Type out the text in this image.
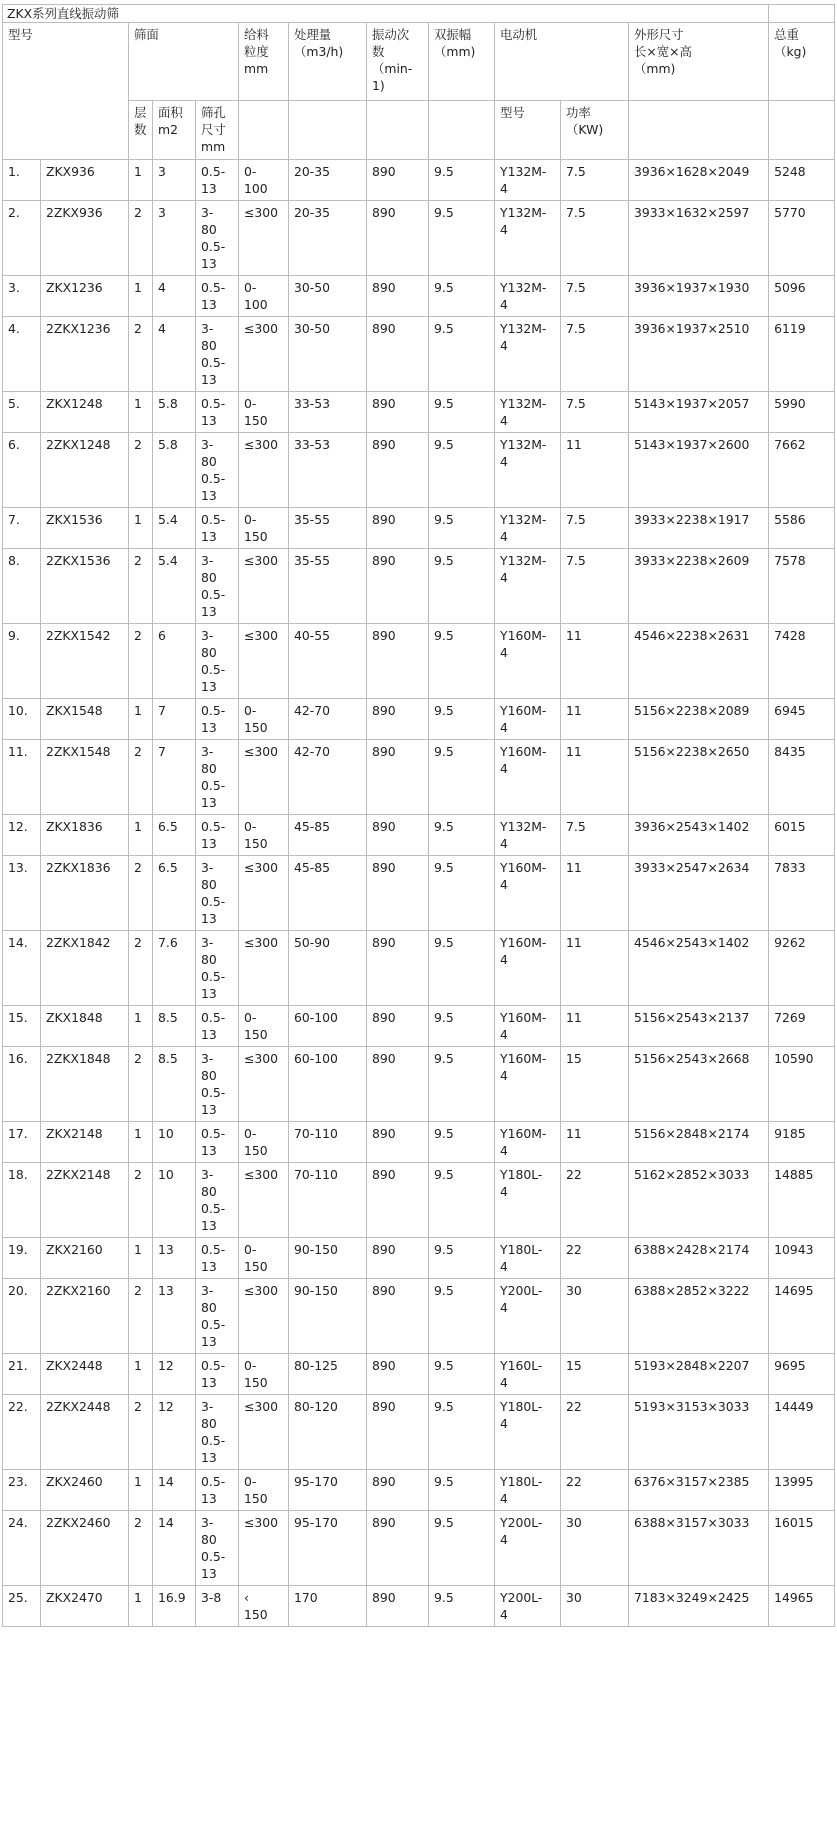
ZKX系列直线振动筛												
型号		筛面			给料
粒度
mm	处理量
（m3/h)	振动次
数
（min-
1)	双振幅
（mm)	电动机		外形尺寸
长×宽×高
（mm)	总重
（kg)
		层
数	面积
m2	筛孔
尺寸
mm					型号	功率
（KW)		
1.	ZKX936	1	3	0.5-
13	0-
100	20-35	890	9.5	Y132M-
4	7.5	3936×1628×2049	5248
2.	2ZKX936	2	3	3-
80
0.5-
13	≤300	20-35	890	9.5	Y132M-
4	7.5	3933×1632×2597	5770
3.	ZKX1236	1	4	0.5-
13	0-
100	30-50	890	9.5	Y132M-
4	7.5	3936×1937×1930	5096
4.	2ZKX1236	2	4	3-
80
0.5-
13	≤300	30-50	890	9.5	Y132M-
4	7.5	3936×1937×2510	6119
5.	ZKX1248	1	5.8	0.5-
13	0-
150	33-53	890	9.5	Y132M-
4	7.5	5143×1937×2057	5990
6.	2ZKX1248	2	5.8	3-
80
0.5-
13	≤300	33-53	890	9.5	Y132M-
4	11	5143×1937×2600	7662
7.	ZKX1536	1	5.4	0.5-
13	0-
150	35-55	890	9.5	Y132M-
4	7.5	3933×2238×1917	5586
8.	2ZKX1536	2	5.4	3-
80
0.5-
13	≤300	35-55	890	9.5	Y132M-
4	7.5	3933×2238×2609	7578
9.	2ZKX1542	2	6	3-
80
0.5-
13	≤300	40-55	890	9.5	Y160M-
4	11	4546×2238×2631	7428
10.	ZKX1548	1	7	0.5-
13	0-
150	42-70	890	9.5	Y160M-
4	11	5156×2238×2089	6945
11.	2ZKX1548	2	7	3-
80
0.5-
13	≤300	42-70	890	9.5	Y160M-
4	11	5156×2238×2650	8435
12.	ZKX1836	1	6.5	0.5-
13	0-
150	45-85	890	9.5	Y132M-
4	7.5	3936×2543×1402	6015
13.	2ZKX1836	2	6.5	3-
80
0.5-
13	≤300	45-85	890	9.5	Y160M-
4	11	3933×2547×2634	7833
14.	2ZKX1842	2	7.6	3-
80
0.5-
13	≤300	50-90	890	9.5	Y160M-
4	11	4546×2543×1402	9262
15.	ZKX1848	1	8.5	0.5-
13	0-
150	60-100	890	9.5	Y160M-
4	11	5156×2543×2137	7269
16.	2ZKX1848	2	8.5	3-
80
0.5-
13	≤300	60-100	890	9.5	Y160M-
4	15	5156×2543×2668	10590
17.	ZKX2148	1	10	0.5-
13	0-
150	70-110	890	9.5	Y160M-
4	11	5156×2848×2174	9185
18.	2ZKX2148	2	10	3-
80
0.5-
13	≤300	70-110	890	9.5	Y180L-
4	22	5162×2852×3033	14885
19.	ZKX2160	1	13	0.5-
13	0-
150	90-150	890	9.5	Y180L-
4	22	6388×2428×2174	10943
20.	2ZKX2160	2	13	3-
80
0.5-
13	≤300	90-150	890	9.5	Y200L-
4	30	6388×2852×3222	14695
21.	ZKX2448	1	12	0.5-
13	0-
150	80-125	890	9.5	Y160L-
4	15	5193×2848×2207	9695
22.	2ZKX2448	2	12	3-
80
0.5-
13	≤300	80-120	890	9.5	Y180L-
4	22	5193×3153×3033	14449
23.	ZKX2460	1	14	0.5-
13	0-
150	95-170	890	9.5	Y180L-
4	22	6376×3157×2385	13995
24.	2ZKX2460	2	14	3-
80
0.5-
13	≤300	95-170	890	9.5	Y200L-
4	30	6388×3157×3033	16015
25.	ZKX2470	1	16.9	3-8	‹
150	170	890	9.5	Y200L-
4	30	7183×3249×2425	14965
